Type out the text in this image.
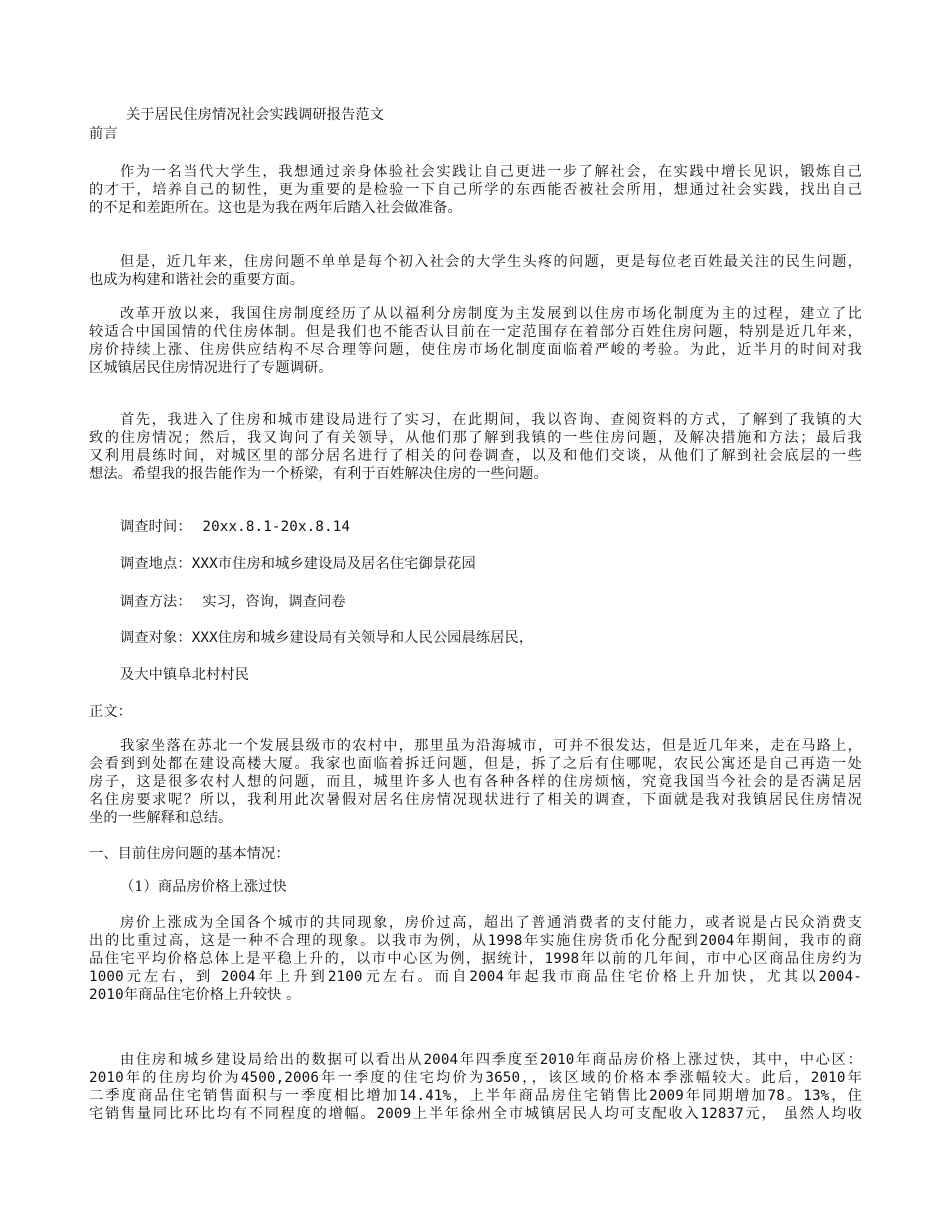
关于居民住房情况社会实践调研报告范文
前言
作为一名当代大学生，我想通过亲身体验社会实践让自己更进一步了解社会，在实践中增长见识，锻炼自己
的才干，培养自己的韧性，更为重要的是检验一下自己所学的东西能否被社会所用，想通过社会实践，找出自己
的不足和差距所在。这也是为我在两年后踏入社会做准备。
但是，近几年来，住房问题不单单是每个初入社会的大学生头疼的问题，更是每位老百姓最关注的民生问题，
也成为构建和谐社会的重要方面。
改革开放以来，我国住房制度经历了从以福利分房制度为主发展到以住房市场化制度为主的过程，建立了比
较适合中国国情的代住房体制。但是我们也不能否认目前在一定范围存在着部分百姓住房问题，特别是近几年来，
房价持续上涨、住房供应结构不尽合理等问题，使住房市场化制度面临着严峻的考验。为此，近半月的时间对我
区城镇居民住房情况进行了专题调研。
首先，我进入了住房和城市建设局进行了实习，在此期间，我以咨询、查阅资料的方式，了解到了我镇的大
致的住房情况；然后，我又询问了有关领导，从他们那了解到我镇的一些住房问题，及解决措施和方法；最后我
又利用晨练时间，对城区里的部分居名进行了相关的问卷调查，以及和他们交谈，从他们了解到社会底层的一些
想法。希望我的报告能作为一个桥梁，有利于百姓解决住房的一些问题。
调查时间： 20xx.8.1-20x.8.14
调查地点：XXX市住房和城乡建设局及居名住宅御景花园
调查方法： 实习，咨询，调查问卷
调查对象：XXX住房和城乡建设局有关领导和人民公园晨练居民，
及大中镇阜北村村民
正文：
我家坐落在苏北一个发展县级市的农村中，那里虽为沿海城市，可并不很发达，但是近几年来，走在马路上，
会看到到处都在建设高楼大厦。我家也面临着拆迁问题，但是，拆了之后有住哪呢，农民公寓还是自己再造一处
房子，这是很多农村人想的问题，而且，城里许多人也有各种各样的住房烦恼，究竟我国当今社会的是否满足居
名住房要求呢？所以，我利用此次暑假对居名住房情况现状进行了相关的调查，下面就是我对我镇居民住房情况
坐的一些解释和总结。
一、目前住房问题的基本情况：
（1）商品房价格上涨过快
房价上涨成为全国各个城市的共同现象，房价过高，超出了普通消费者的支付能力，或者说是占民众消费支
出的比重过高，这是一种不合理的现象。以我市为例，从1998年实施住房货币化分配到2004年期间，我市的商
品住宅平均价格总体上是平稳上升的，以市中心区为例，据统计，1998年以前的几年间，市中心区商品住房约为
1000元左右，到 2004年上升到2100元左右。而自2004年起我市商品住宅价格上升加快，尤其以2004-
2010年商品住宅价格上升较快 。
由住房和城乡建设局给出的数据可以看出从2004年四季度至2010年商品房价格上涨过快，其中，中心区：
2010年的住房均价为4500,2006年一季度的住宅均价为3650，，该区域的价格本季涨幅较大。此后，2010年
二季度商品住宅销售面积与一季度相比增加14.41%，上半年商品房住宅销售比2009年同期增加78。13%，住
宅销售量同比环比均有不同程度的增幅。2009上半年徐州全市城镇居民人均可支配收入12837元， 虽然人均收
